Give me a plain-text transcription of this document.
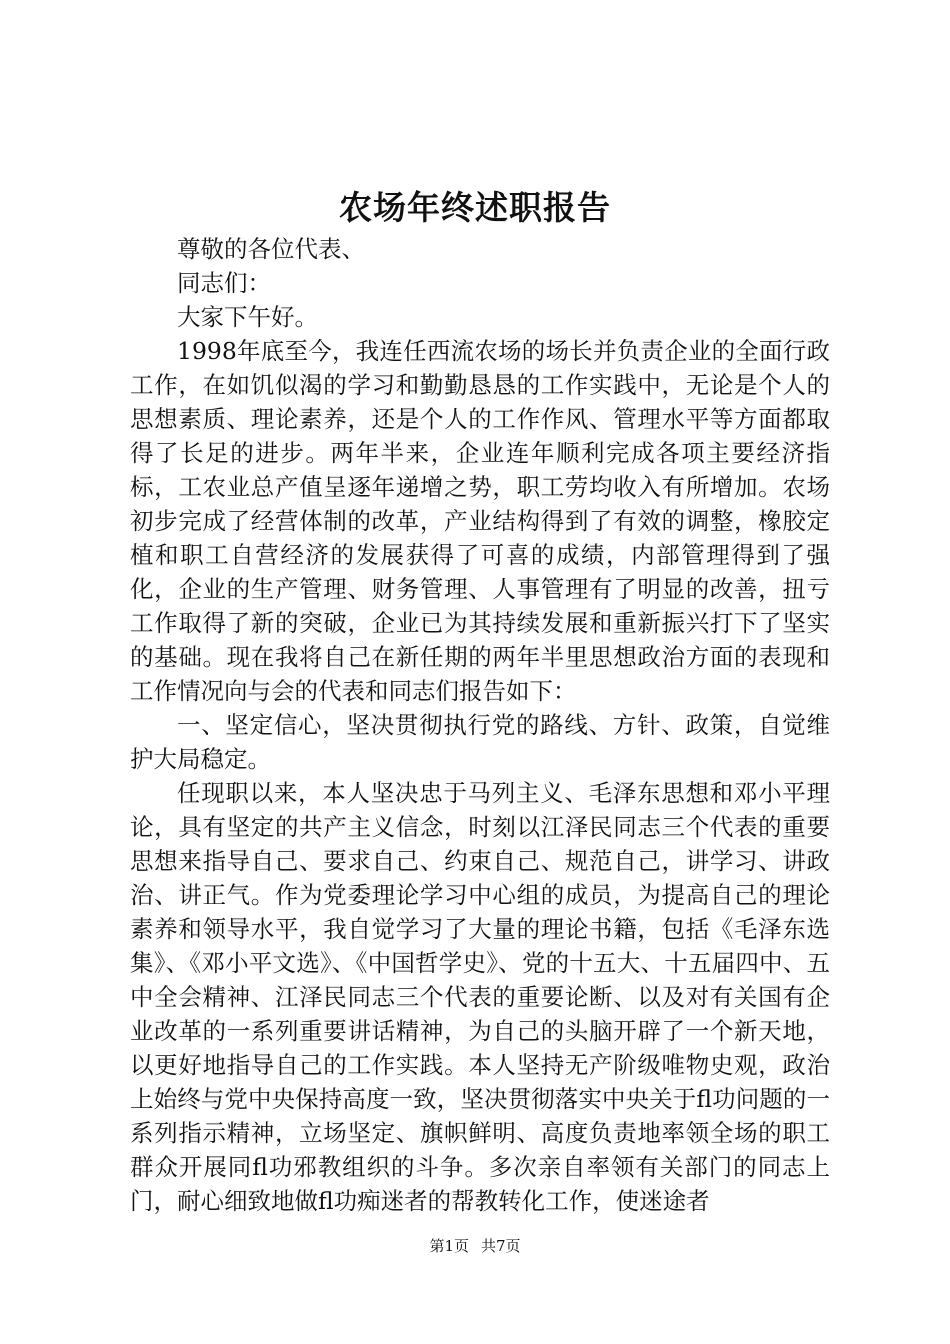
农场年终述职报告

尊敬的各位代表、

同志们：

大家下午好。

1998年底至今，我连任西流农场的场长并负责企业的全面行政工作，在如饥似渴的学习和勤勤恳恳的工作实践中，无论是个人的思想素质、理论素养，还是个人的工作作风、管理水平等方面都取得了长足的进步。两年半来，企业连年顺利完成各项主要经济指标，工农业总产值呈逐年递增之势，职工劳均收入有所增加。农场初步完成了经营体制的改革，产业结构得到了有效的调整，橡胶定植和职工自营经济的发展获得了可喜的成绩，内部管理得到了强化，企业的生产管理、财务管理、人事管理有了明显的改善，扭亏工作取得了新的突破，企业已为其持续发展和重新振兴打下了坚实的基础。现在我将自己在新任期的两年半里思想政治方面的表现和工作情况向与会的代表和同志们报告如下：

一、坚定信心，坚决贯彻执行党的路线、方针、政策，自觉维护大局稳定。

任现职以来，本人坚决忠于马列主义、毛泽东思想和邓小平理论，具有坚定的共产主义信念，时刻以江泽民同志三个代表的重要思想来指导自己、要求自己、约束自己、规范自己，讲学习、讲政治、讲正气。作为党委理论学习中心组的成员，为提高自己的理论素养和领导水平，我自觉学习了大量的理论书籍，包括《毛泽东选集》、《邓小平文选》、《中国哲学史》、党的十五大、十五届四中、五中全会精神、江泽民同志三个代表的重要论断、以及对有关国有企业改革的一系列重要讲话精神，为自己的头脑开辟了一个新天地，以更好地指导自己的工作实践。本人坚持无产阶级唯物史观，政治上始终与党中央保持高度一致，坚决贯彻落实中央关于fl功问题的一系列指示精神，立场坚定、旗帜鲜明、高度负责地率领全场的职工群众开展同fl功邪教组织的斗争。多次亲自率领有关部门的同志上门，耐心细致地做fl功痴迷者的帮教转化工作，使迷途者

第1页 共7页
